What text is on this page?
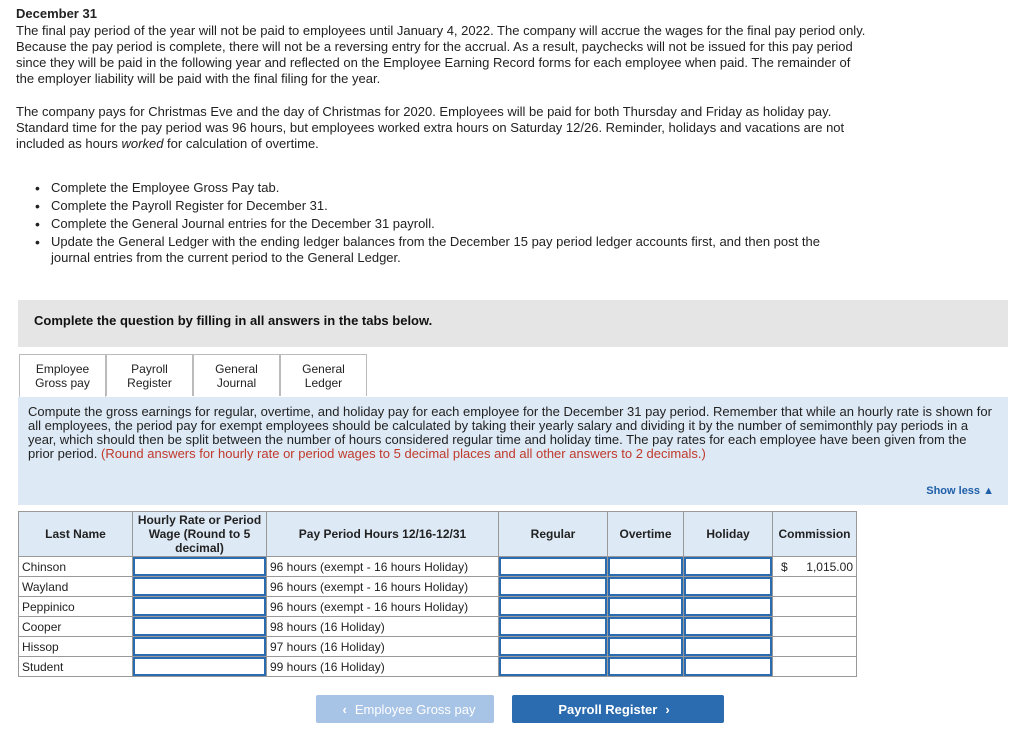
December 31

The final pay period of the year will not be paid to employees until January 4, 2022. The company will accrue the wages for the final pay period only. Because the pay period is complete, there will not be a reversing entry for the accrual. As a result, paychecks will not be issued for this pay period since they will be paid in the following year and reflected on the Employee Earning Record forms for each employee when paid. The remainder of the employer liability will be paid with the final filing for the year.

The company pays for Christmas Eve and the day of Christmas for 2020. Employees will be paid for both Thursday and Friday as holiday pay. Standard time for the pay period was 96 hours, but employees worked extra hours on Saturday 12/26. Reminder, holidays and vacations are not included as hours worked for calculation of overtime.

• Complete the Employee Gross Pay tab.
• Complete the Payroll Register for December 31.
• Complete the General Journal entries for the December 31 payroll.
• Update the General Ledger with the ending ledger balances from the December 15 pay period ledger accounts first, and then post the journal entries from the current period to the General Ledger.
Complete the question by filling in all answers in the tabs below.
Employee
Gross pay
Payroll
Register
General
Journal
General
Ledger
Compute the gross earnings for regular, overtime, and holiday pay for each employee for the December 31 pay period. Remember that while an hourly rate is shown for all employees, the period pay for exempt employees should be calculated by taking their yearly salary and dividing it by the number of semimonthly pay periods in a year, which should then be split between the number of hours considered regular time and holiday time. The pay rates for each employee have been given from the prior period. (Round answers for hourly rate or period wages to 5 decimal places and all other answers to 2 decimals.)
Show less ▲
Last Name	Hourly Rate or Period Wage (Round to 5 decimal)	Pay Period Hours 12/16-12/31	Regular	Overtime	Holiday	Commission
Chinson		96 hours (exempt - 16 hours Holiday)				$ 1,015.00
Wayland		96 hours (exempt - 16 hours Holiday)	

Peppinico		96 hours (exempt - 16 hours Holiday)	

Cooper		98 hours (16 Holiday)	

Hissop		97 hours (16 Holiday)	

Student		99 hours (16 Holiday)	

‹ Employee Gross pay	Payroll Register ›
